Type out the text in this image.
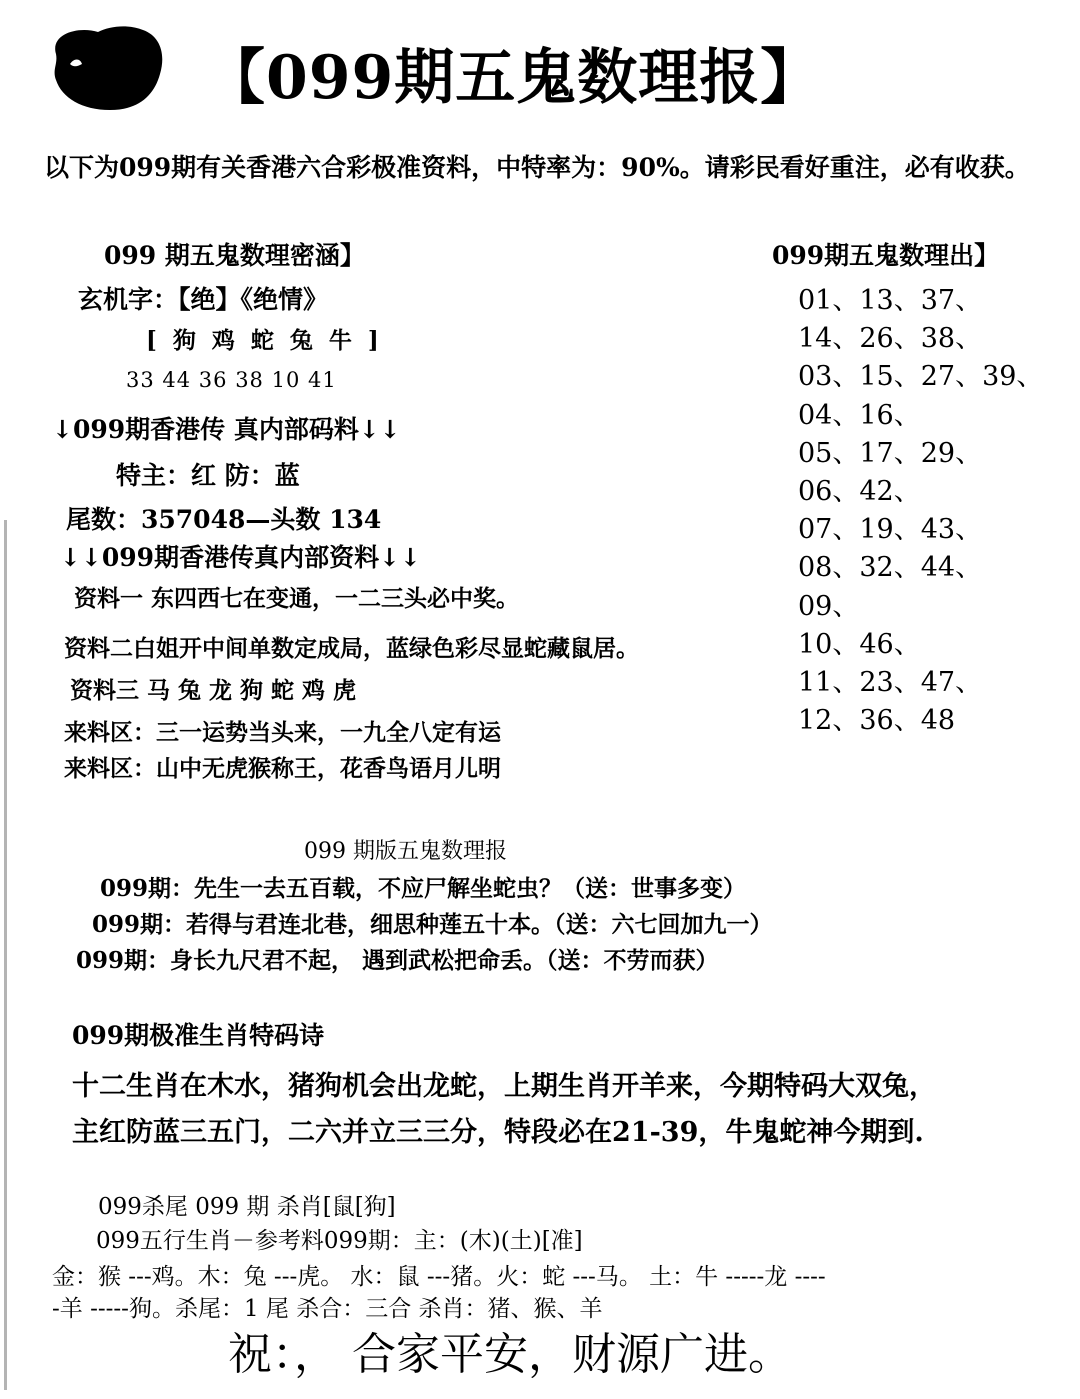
【099期五鬼数理报】
以下为099期有关香港六合彩极准资料，中特率为：90%。请彩民看好重注，必有收获。
099 期五鬼数理密涵】
玄机字：【绝】《绝情》
[ 狗 鸡 蛇 兔 牛 ]
33 44 36 38 10 41
↓099期香港传 真内部码料↓↓
特主：红 防：蓝
尾数：357048—头数 134
↓↓099期香港传真内部资料↓↓
资料一 东四西七在变通，一二三头必中奖。
资料二白姐开中间单数定成局，蓝绿色彩尽显蛇藏鼠居。
资料三 马 兔 龙 狗 蛇 鸡 虎
来料区：三一运势当头来，一九全八定有运
来料区：山中无虎猴称王，花香鸟语月儿明
099期五鬼数理出】
01、13、37、
14、26、38、
03、15、27、39、
04、16、
05、17、29、
06、42、
07、19、43、
08、32、44、
09、
10、46、
11、23、47、
12、36、48
099 期版五鬼数理报
099期：先生一去五百载，不应尸解坐蛇虫？（送：世事多变）
099期：若得与君连北巷，细思种莲五十本。（送：六七回加九一）
099期：身长九尺君不起， 遇到武松把命丢。（送：不劳而获）
099期极准生肖特码诗
十二生肖在木水，猪狗机会出龙蛇，上期生肖开羊来，今期特码大双兔，
主红防蓝三五门，二六并立三三分，特段必在21-39，牛鬼蛇神今期到.
099杀尾 099 期 杀肖[鼠[狗]
099五行生肖－参考料099期：主：(木)(土)[准]
金：猴 ---鸡。木：兔 ---虎。 水：鼠 ---猪。火：蛇 ---马。 土：牛 -----龙 ----
-羊 -----狗。杀尾：1 尾 杀合：三合 杀肖：猪、猴、羊
祝：， 合家平安，财源广进。
